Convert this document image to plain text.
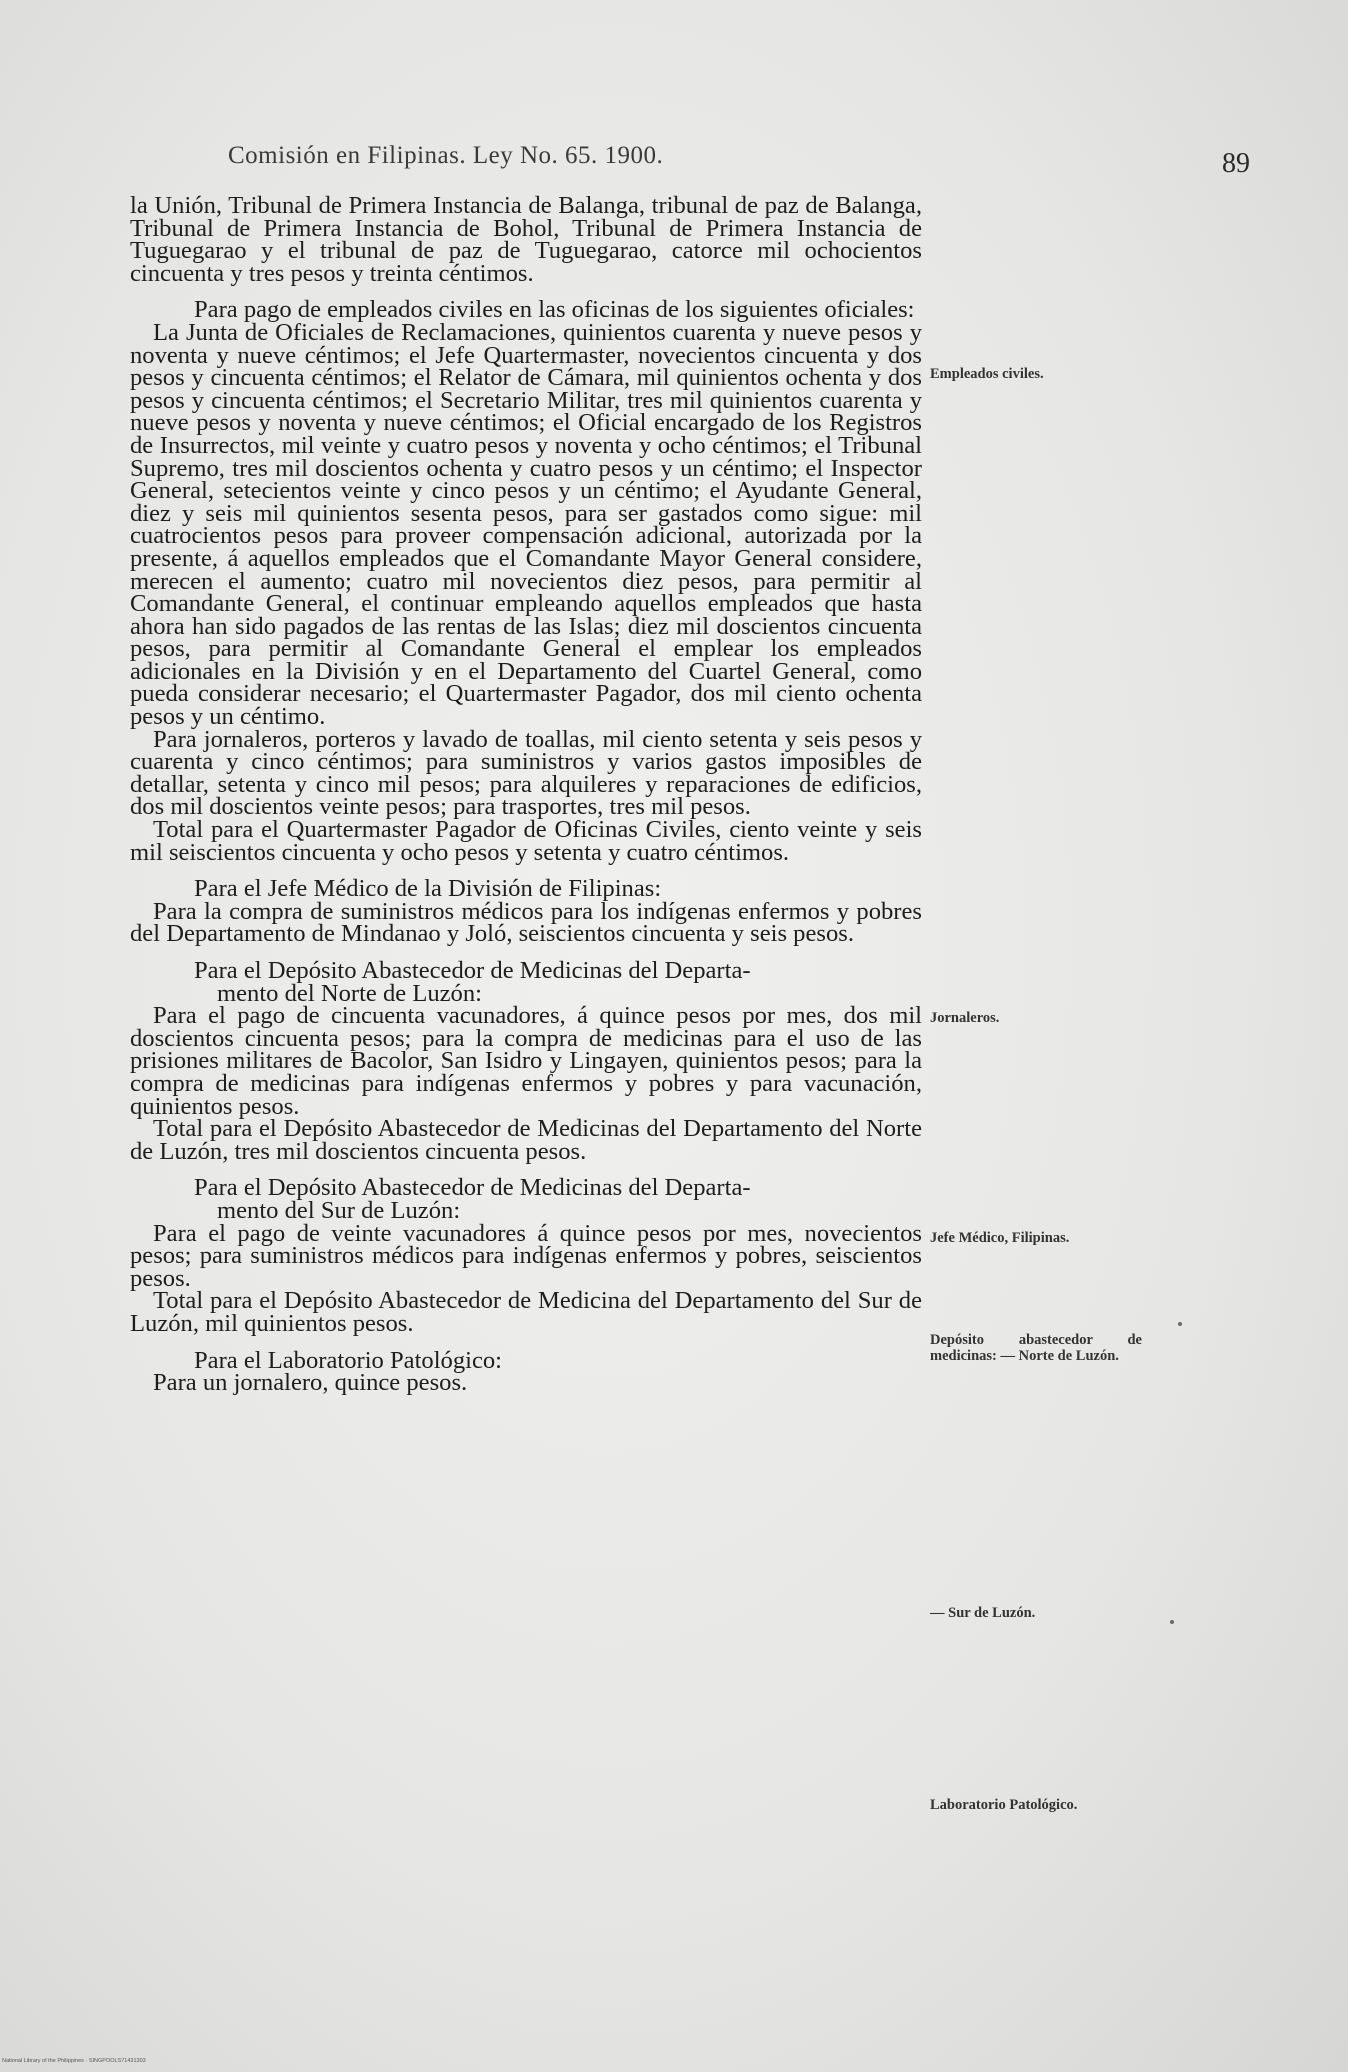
Comisión en Filipinas. Ley No. 65. 1900.	89

la Unión, Tribunal de Primera Instancia de Balanga, tribunal de paz de Balanga, Tribunal de Primera Instancia de Bohol, Tribunal de Primera Instancia de Tuguegarao y el tribunal de paz de Tuguegarao, catorce mil ochocientos cincuenta y tres pesos y treinta céntimos.

Para pago de empleados civiles en las oficinas de los siguientes oficiales:

La Junta de Oficiales de Reclamaciones, quinientos cuarenta y nueve pesos y noventa y nueve céntimos; el Jefe Quartermaster, novecientos cincuenta y dos pesos y cincuenta céntimos; el Relator de Cámara, mil quinientos ochenta y dos pesos y cincuenta céntimos; el Secretario Militar, tres mil quinientos cuarenta y nueve pesos y noventa y nueve céntimos; el Oficial encargado de los Registros de Insurrectos, mil veinte y cuatro pesos y noventa y ocho céntimos; el Tribunal Supremo, tres mil doscientos ochenta y cuatro pesos y un céntimo; el Inspector General, setecientos veinte y cinco pesos y un céntimo; el Ayudante General, diez y seis mil quinientos sesenta pesos, para ser gastados como sigue: mil cuatrocientos pesos para proveer compensación adicional, autorizada por la presente, á aquellos empleados que el Comandante Mayor General considere, merecen el aumento; cuatro mil novecientos diez pesos, para permitir al Comandante General, el continuar empleando aquellos empleados que hasta ahora han sido pagados de las rentas de las Islas; diez mil doscientos cincuenta pesos, para permitir al Comandante General el emplear los empleados adicionales en la División y en el Departamento del Cuartel General, como pueda considerar necesario; el Quartermaster Pagador, dos mil ciento ochenta pesos y un céntimo.

Para jornaleros, porteros y lavado de toallas, mil ciento setenta y seis pesos y cuarenta y cinco céntimos; para suministros y varios gastos imposibles de detallar, setenta y cinco mil pesos; para alquileres y reparaciones de edificios, dos mil doscientos veinte pesos; para trasportes, tres mil pesos.

Total para el Quartermaster Pagador de Oficinas Civiles, ciento veinte y seis mil seiscientos cincuenta y ocho pesos y setenta y cuatro céntimos.

Para el Jefe Médico de la División de Filipinas:

Para la compra de suministros médicos para los indígenas enfermos y pobres del Departamento de Mindanao y Joló, seiscientos cincuenta y seis pesos.

Para el Depósito Abastecedor de Medicinas del Departa-
mento del Norte de Luzón:

Para el pago de cincuenta vacunadores, á quince pesos por mes, dos mil doscientos cincuenta pesos; para la compra de medicinas para el uso de las prisiones militares de Bacolor, San Isidro y Lingayen, quinientos pesos; para la compra de medicinas para indígenas enfermos y pobres y para vacunación, quinientos pesos.

Total para el Depósito Abastecedor de Medicinas del Departamento del Norte de Luzón, tres mil doscientos cincuenta pesos.

Para el Depósito Abastecedor de Medicinas del Departa-
mento del Sur de Luzón:

Para el pago de veinte vacunadores á quince pesos por mes, novecientos pesos; para suministros médicos para indígenas enfermos y pobres, seiscientos pesos.

Total para el Depósito Abastecedor de Medicina del Departamento del Sur de Luzón, mil quinientos pesos.

Para el Laboratorio Patológico:

Para un jornalero, quince pesos.

Empleados civiles.
Jornaleros.
Jefe Médico, Filipinas.
Depósito abastecedor de medicinas: — Norte de Luzón.
— Sur de Luzón.
Laboratorio Patológico.
National Library of the Philippines · SINGPOOLS71431303
